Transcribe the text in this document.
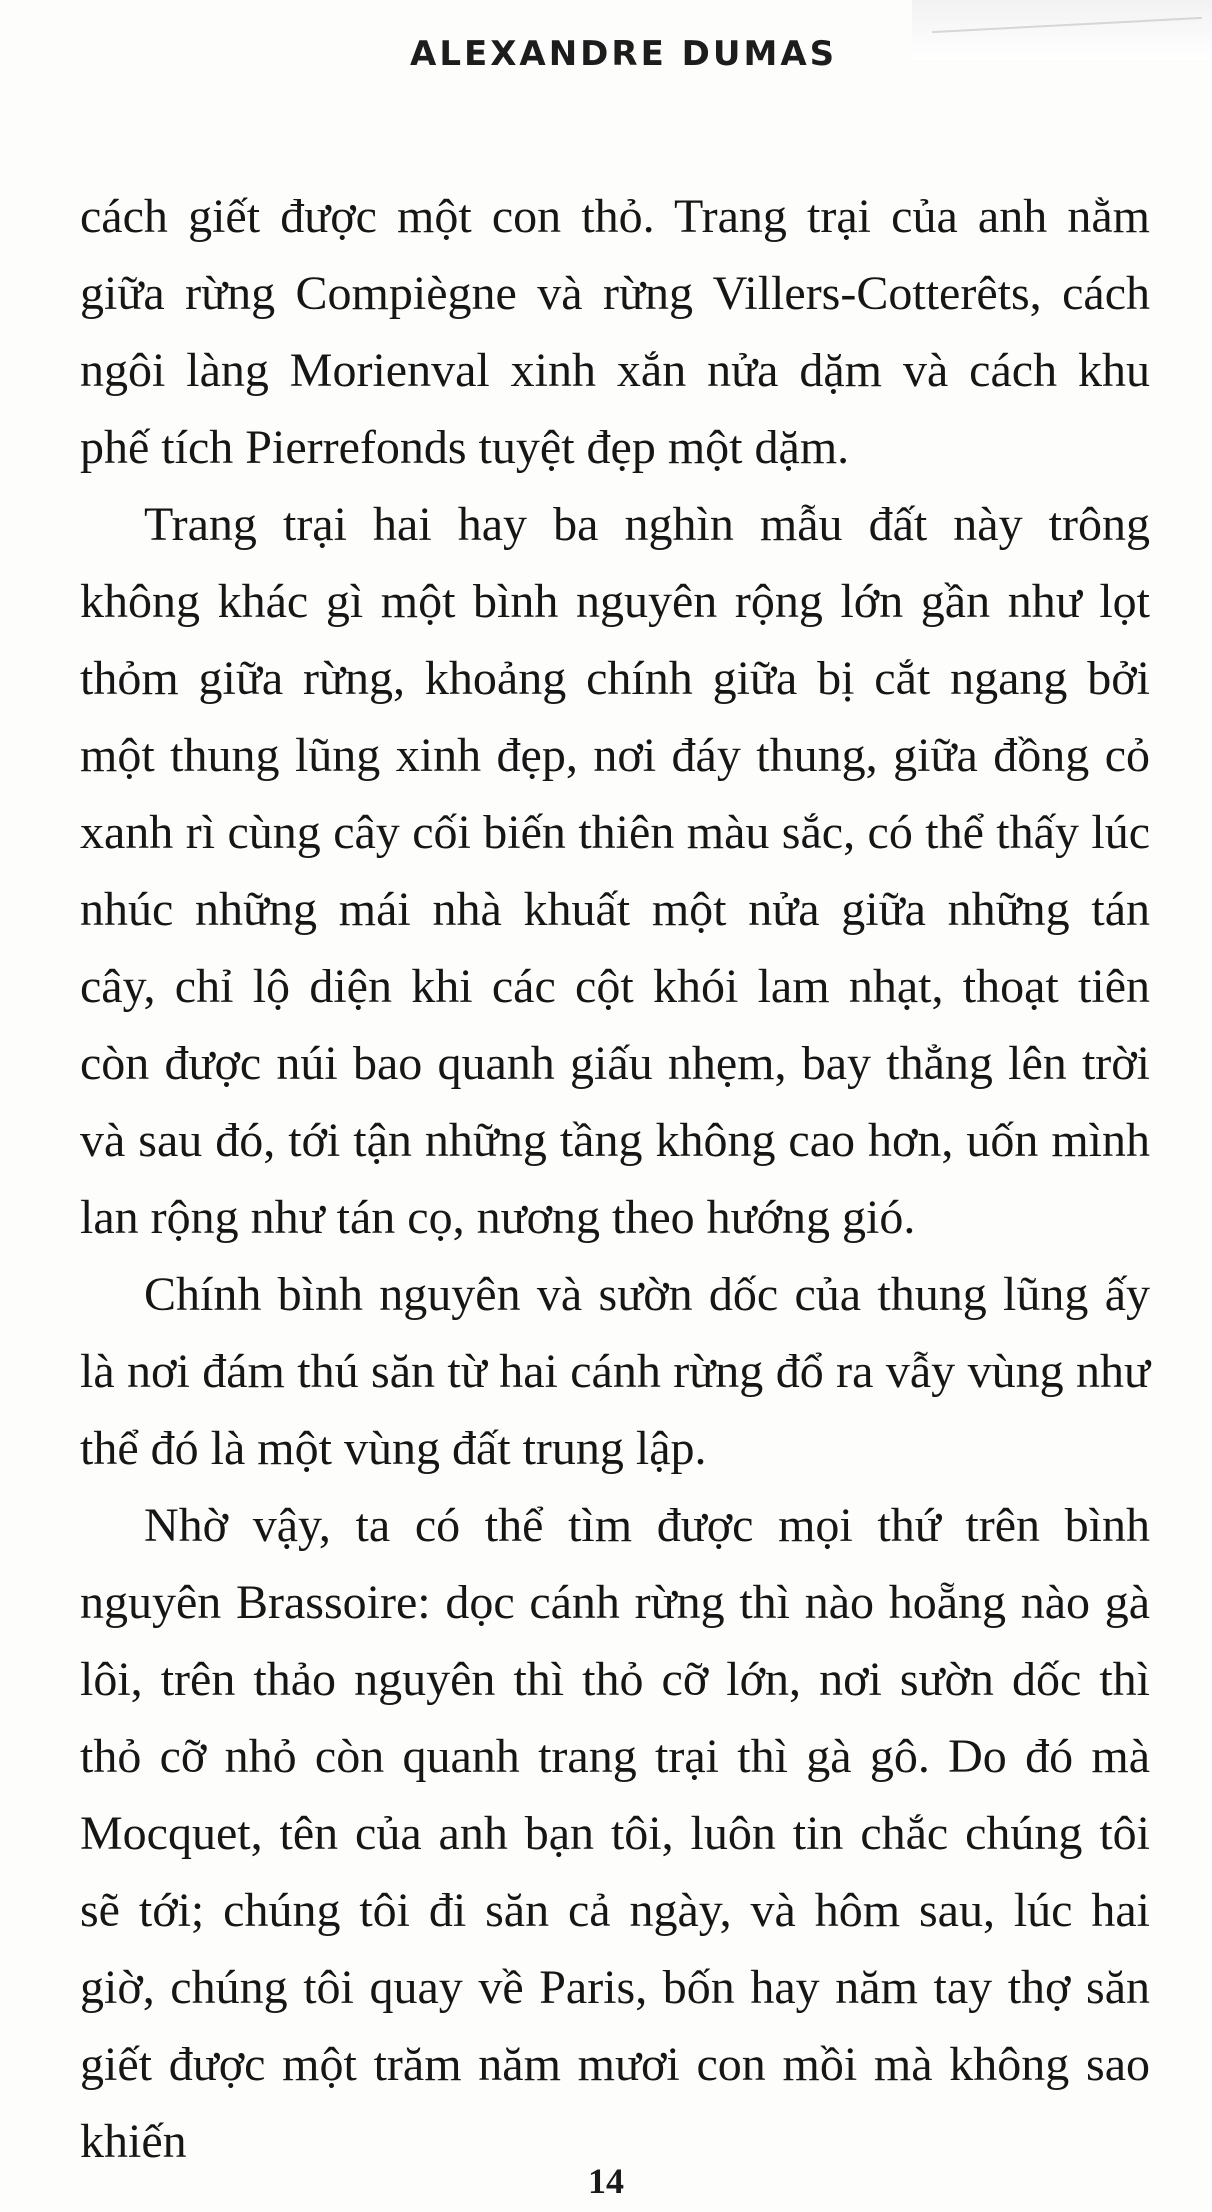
ALEXANDRE DUMAS

cách giết được một con thỏ. Trang trại của anh nằm giữa rừng Compiègne và rừng Villers-Cotterêts, cách ngôi làng Morienval xinh xắn nửa dặm và cách khu phế tích Pierrefonds tuyệt đẹp một dặm.

Trang trại hai hay ba nghìn mẫu đất này trông không khác gì một bình nguyên rộng lớn gần như lọt thỏm giữa rừng, khoảng chính giữa bị cắt ngang bởi một thung lũng xinh đẹp, nơi đáy thung, giữa đồng cỏ xanh rì cùng cây cối biến thiên màu sắc, có thể thấy lúc nhúc những mái nhà khuất một nửa giữa những tán cây, chỉ lộ diện khi các cột khói lam nhạt, thoạt tiên còn được núi bao quanh giấu nhẹm, bay thẳng lên trời và sau đó, tới tận những tầng không cao hơn, uốn mình lan rộng như tán cọ, nương theo hướng gió.

Chính bình nguyên và sườn dốc của thung lũng ấy là nơi đám thú săn từ hai cánh rừng đổ ra vẫy vùng như thể đó là một vùng đất trung lập.

Nhờ vậy, ta có thể tìm được mọi thứ trên bình nguyên Brassoire: dọc cánh rừng thì nào hoẵng nào gà lôi, trên thảo nguyên thì thỏ cỡ lớn, nơi sườn dốc thì thỏ cỡ nhỏ còn quanh trang trại thì gà gô. Do đó mà Mocquet, tên của anh bạn tôi, luôn tin chắc chúng tôi sẽ tới; chúng tôi đi săn cả ngày, và hôm sau, lúc hai giờ, chúng tôi quay về Paris, bốn hay năm tay thợ săn giết được một trăm năm mươi con mồi mà không sao khiến

14
